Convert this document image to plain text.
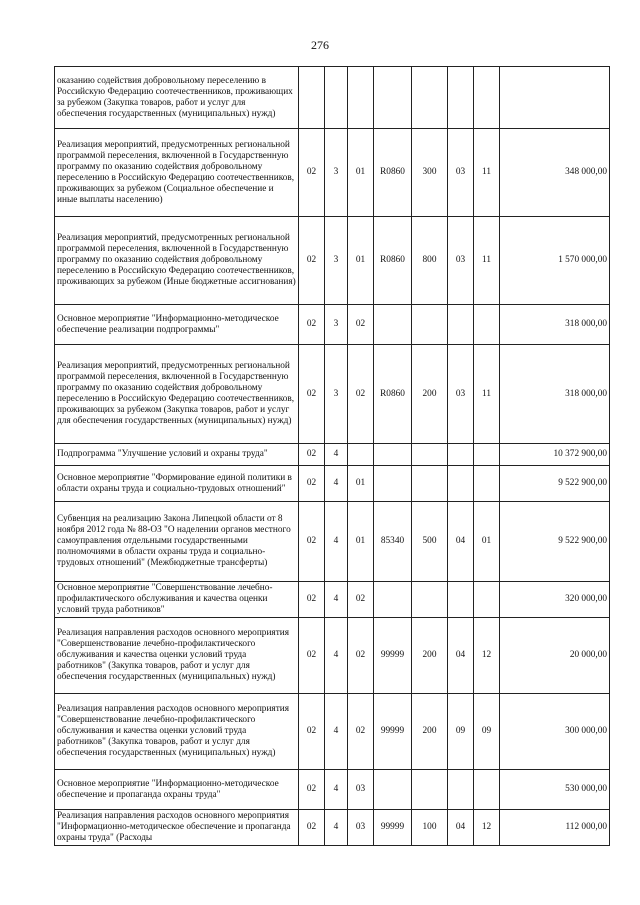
276
оказанию содействия добровольному переселению в Российскую Федерацию соотечественников, проживающих за рубежом (Закупка товаров, работ и услуг для обеспечения государственных (муниципальных) нужд)								
Реализация мероприятий, предусмотренных региональной программой переселения, включенной в Государственную программу по оказанию содействия добровольному переселению в Российскую Федерацию соотечественников, проживающих за рубежом (Социальное обеспечение и иные выплаты населению)	02	3	01	R0860	300	03	11	348 000,00
Реализация мероприятий, предусмотренных региональной программой переселения, включенной в Государственную программу по оказанию содействия добровольному переселению в Российскую Федерацию соотечественников, проживающих за рубежом (Иные бюджетные ассигнования)	02	3	01	R0860	800	03	11	1 570 000,00
Основное мероприятие "Информационно-методическое обеспечение реализации подпрограммы"	02	3	02					318 000,00
Реализация мероприятий, предусмотренных региональной программой переселения, включенной в Государственную программу по оказанию содействия добровольному переселению в Российскую Федерацию соотечественников, проживающих за рубежом (Закупка товаров, работ и услуг для обеспечения государственных (муниципальных) нужд)	02	3	02	R0860	200	03	11	318 000,00
Подпрограмма "Улучшение условий и охраны труда"	02	4						10 372 900,00
Основное мероприятие "Формирование единой политики в области охраны труда и социально-трудовых отношений"	02	4	01					9 522 900,00
Субвенция на реализацию Закона Липецкой области от 8 ноября 2012 года № 88-ОЗ "О наделении органов местного самоуправления отдельными государственными полномочиями в области охраны труда и социально-трудовых отношений" (Межбюджетные трансферты)	02	4	01	85340	500	04	01	9 522 900,00
Основное мероприятие "Совершенствование лечебно-профилактического обслуживания и качества оценки условий труда работников"	02	4	02					320 000,00
Реализация направления расходов основного мероприятия "Совершенствование лечебно-профилактического обслуживания и качества оценки условий труда работников" (Закупка товаров, работ и услуг для обеспечения государственных (муниципальных) нужд)	02	4	02	99999	200	04	12	20 000,00
Реализация направления расходов основного мероприятия "Совершенствование лечебно-профилактического обслуживания и качества оценки условий труда работников" (Закупка товаров, работ и услуг для обеспечения государственных (муниципальных) нужд)	02	4	02	99999	200	09	09	300 000,00
Основное мероприятие "Информационно-методическое обеспечение и пропаганда охраны труда"	02	4	03					530 000,00
Реализация направления расходов основного мероприятия "Информационно-методическое обеспечение и пропаганда охраны труда" (Расходы	02	4	03	99999	100	04	12	112 000,00
